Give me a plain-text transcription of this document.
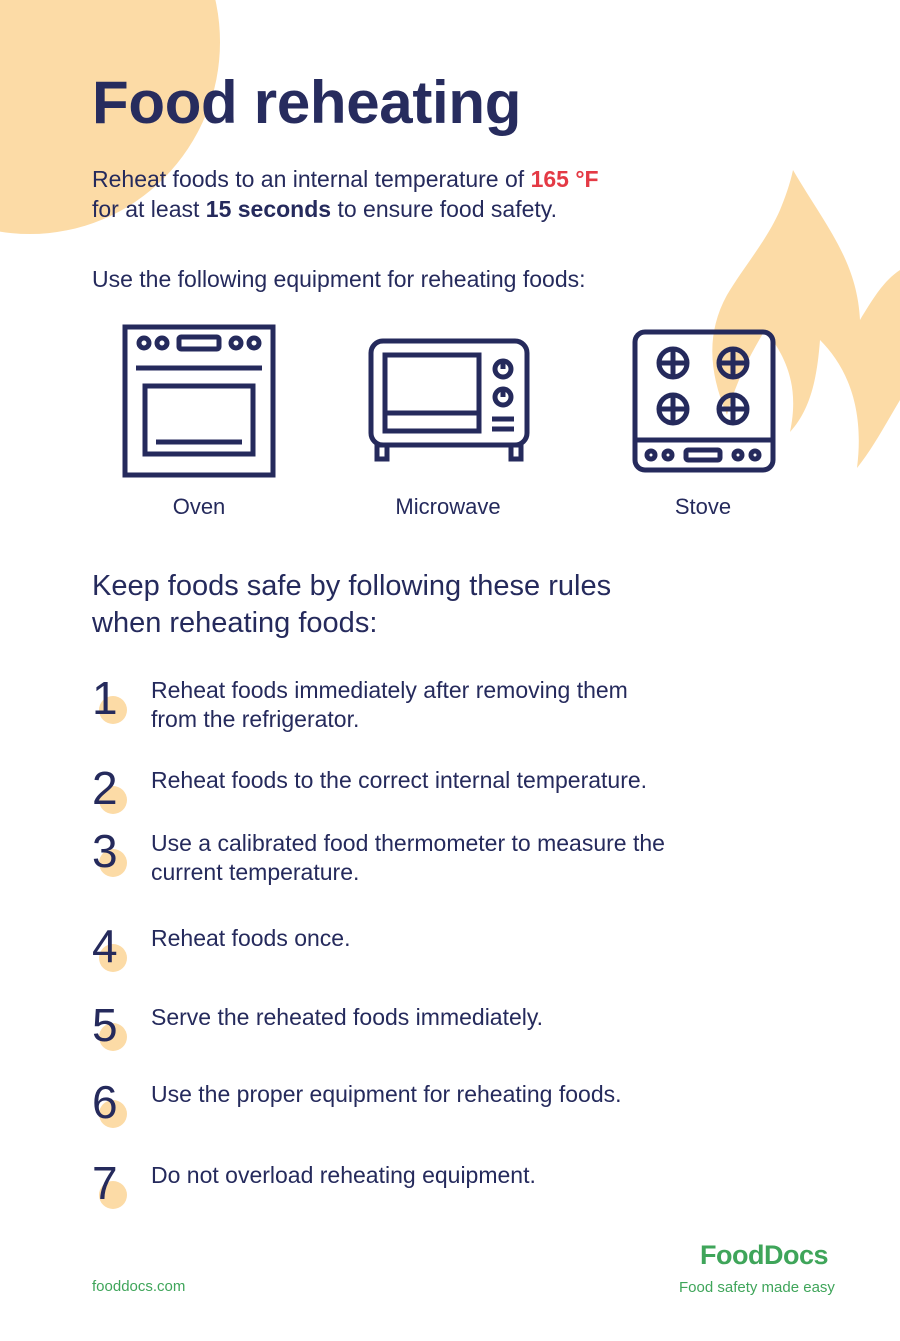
Food reheating
Reheat foods to an internal temperature of 165 °F
for at least 15 seconds to ensure food safety.
Use the following equipment for reheating foods:
Oven	Microwave	Stove
Keep foods safe by following these rules
when reheating foods:
1 Reheat foods immediately after removing them
from the refrigerator.
2 Reheat foods to the correct internal temperature.
3 Use a calibrated food thermometer to measure the
current temperature.
4 Reheat foods once.
5 Serve the reheated foods immediately.
6 Use the proper equipment for reheating foods.
7 Do not overload reheating equipment.
fooddocs.com
FoodDocs
Food safety made easy
